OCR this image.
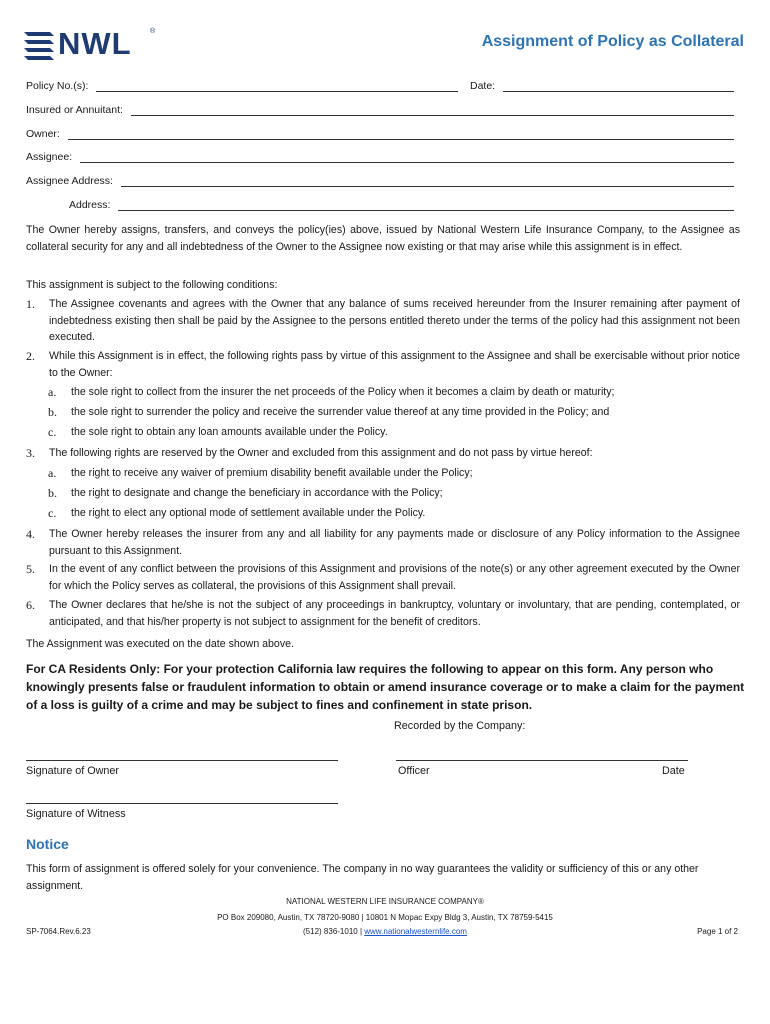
NWL	®
Assignment of Policy as Collateral
Policy No.(s):	Date:
Insured or Annuitant:
Owner:
Assignee:
Assignee Address:
Address:
The Owner hereby assigns, transfers, and conveys the policy(ies) above, issued by National Western Life Insurance Company, to the Assignee as collateral security for any and all indebtedness of the Owner to the Assignee now existing or that may arise while this assignment is in effect.
This assignment is subject to the following conditions:
1. The Assignee covenants and agrees with the Owner that any balance of sums received hereunder from the Insurer remaining after payment of indebtedness existing then shall be paid by the Assignee to the persons entitled thereto under the terms of the policy had this assignment not been executed.
2. While this Assignment is in effect, the following rights pass by virtue of this assignment to the Assignee and shall be exercisable without prior notice to the Owner:
a. the sole right to collect from the insurer the net proceeds of the Policy when it becomes a claim by death or maturity;
b. the sole right to surrender the policy and receive the surrender value thereof at any time provided in the Policy; and
c. the sole right to obtain any loan amounts available under the Policy.
3. The following rights are reserved by the Owner and excluded from this assignment and do not pass by virtue hereof:
a. the right to receive any waiver of premium disability benefit available under the Policy;
b. the right to designate and change the beneficiary in accordance with the Policy;
c. the right to elect any optional mode of settlement available under the Policy.
4. The Owner hereby releases the insurer from any and all liability for any payments made or disclosure of any Policy information to the Assignee pursuant to this Assignment.
5. In the event of any conflict between the provisions of this Assignment and provisions of the note(s) or any other agreement executed by the Owner for which the Policy serves as collateral, the provisions of this Assignment shall prevail.
6. The Owner declares that he/she is not the subject of any proceedings in bankruptcy, voluntary or involuntary, that are pending, contemplated, or anticipated, and that his/her property is not subject to assignment for the benefit of creditors.
The Assignment was executed on the date shown above.
For CA Residents Only: For your protection California law requires the following to appear on this form. Any person who knowingly presents false or fraudulent information to obtain or amend insurance coverage or to make a claim for the payment of a loss is guilty of a crime and may be subject to fines and confinement in state prison.
Recorded by the Company:
Signature of Owner	Officer	Date
Signature of Witness
Notice
This form of assignment is offered solely for your convenience. The company in no way guarantees the validity or sufficiency of this or any other assignment.
NATIONAL WESTERN LIFE INSURANCE COMPANY®
PO Box 209080, Austin, TX 78720-9080 | 10801 N Mopac Expy Bldg 3, Austin, TX 78759-5415
(512) 836-1010 | www.nationalwesternlife.com
SP-7064.Rev.6.23	Page 1 of 2
